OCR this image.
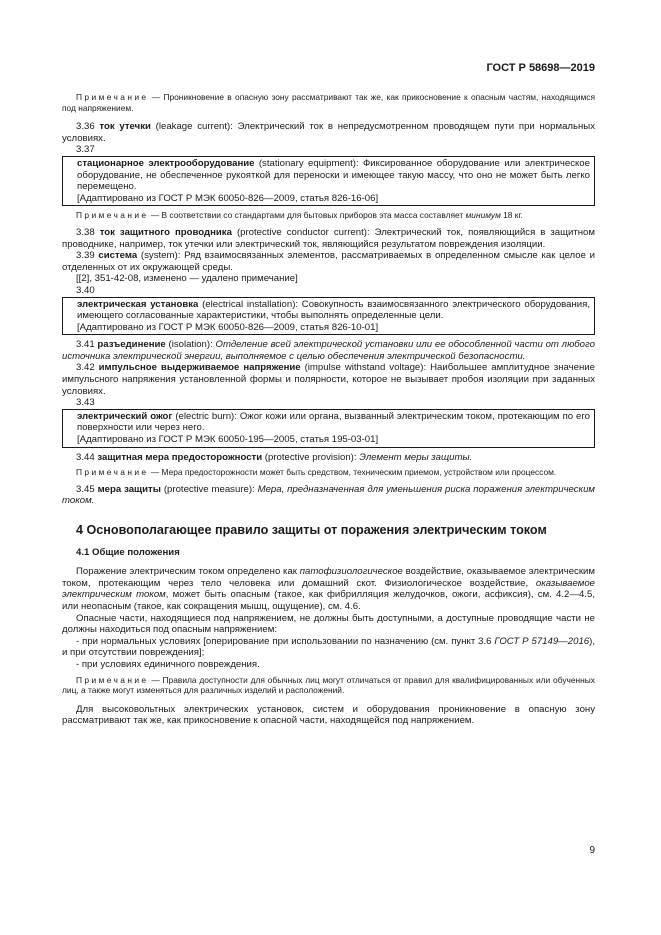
ГОСТ Р 58698—2019

Примечание — Проникновение в опасную зону рассматривают так же, как прикосновение к опасным частям, находящимся под напряжением.

3.36 ток утечки (leakage current): Электрический ток в непредусмотренном проводящем пути при нормальных условиях.

3.37

стационарное электрооборудование (stationary equipment): Фиксированное оборудование или электрическое оборудование, не обеспеченное рукояткой для переноски и имеющее такую массу, что оно не может быть легко перемещено.

[Адаптировано из ГОСТ Р МЭК 60050-826—2009, статья 826-16-06]

Примечание — В соответствии со стандартами для бытовых приборов эта масса составляет минимум 18 кг.

3.38 ток защитного проводника (protective conductor current): Электрический ток, появляющийся в защитном проводнике, например, ток утечки или электрический ток, являющийся результатом повреждения изоляции.

3.39 система (system): Ряд взаимосвязанных элементов, рассматриваемых в определенном смысле как целое и отделенных от их окружающей среды.

[[2], 351-42-08, изменено — удалено примечание]

3.40

электрическая установка (electrical installation): Совокупность взаимосвязанного электрического оборудования, имеющего согласованные характеристики, чтобы выполнять определенные цели.

[Адаптировано из ГОСТ Р МЭК 60050-826—2009, статья 826-10-01]

3.41 разъединение (isolation): Отделение всей электрической установки или ее обособленной части от любого источника электрической энергии, выполняемое с целью обеспечения электрической безопасности.

3.42 импульсное выдерживаемое напряжение (impulse withstand voltage): Наибольшее амплитудное значение импульсного напряжения установленной формы и полярности, которое не вызывает пробоя изоляции при заданных условиях.

3.43

электрический ожог (electric burn): Ожог кожи или органа, вызванный электрическим током, протекающим по его поверхности или через него.

[Адаптировано из ГОСТ Р МЭК 60050-195—2005, статья 195-03-01]

3.44 защитная мера предосторожности (protective provision): Элемент меры защиты.

Примечание — Мера предосторожности может быть средством, техническим приемом, устройством или процессом.

3.45 мера защиты (protective measure): Мера, предназначенная для уменьшения риска поражения электрическим током.

4 Основополагающее правило защиты от поражения электрическим током

4.1 Общие положения

Поражение электрическим током определено как патофизиологическое воздействие, оказываемое электрическим током, протекающим через тело человека или домашний скот. Физиологическое воздействие, оказываемое электрическим током, может быть опасным (такое, как фибрилляция желудочков, ожоги, асфиксия), см. 4.2—4.5, или неопасным (такое, как сокращения мышц, ощущение), см. 4.6.

Опасные части, находящиеся под напряжением, не должны быть доступными, а доступные проводящие части не должны находиться под опасным напряжением:

- при нормальных условиях [оперирование при использовании по назначению (см. пункт 3.6 ГОСТ Р 57149—2016), и при отсутствии повреждения];

- при условиях единичного повреждения.

Примечание — Правила доступности для обычных лиц могут отличаться от правил для квалифицированных или обученных лиц, а также могут изменяться для различных изделий и расположений.

Для высоковольтных электрических установок, систем и оборудования проникновение в опасную зону рассматривают так же, как прикосновение к опасной части, находящейся под напряжением.

9
